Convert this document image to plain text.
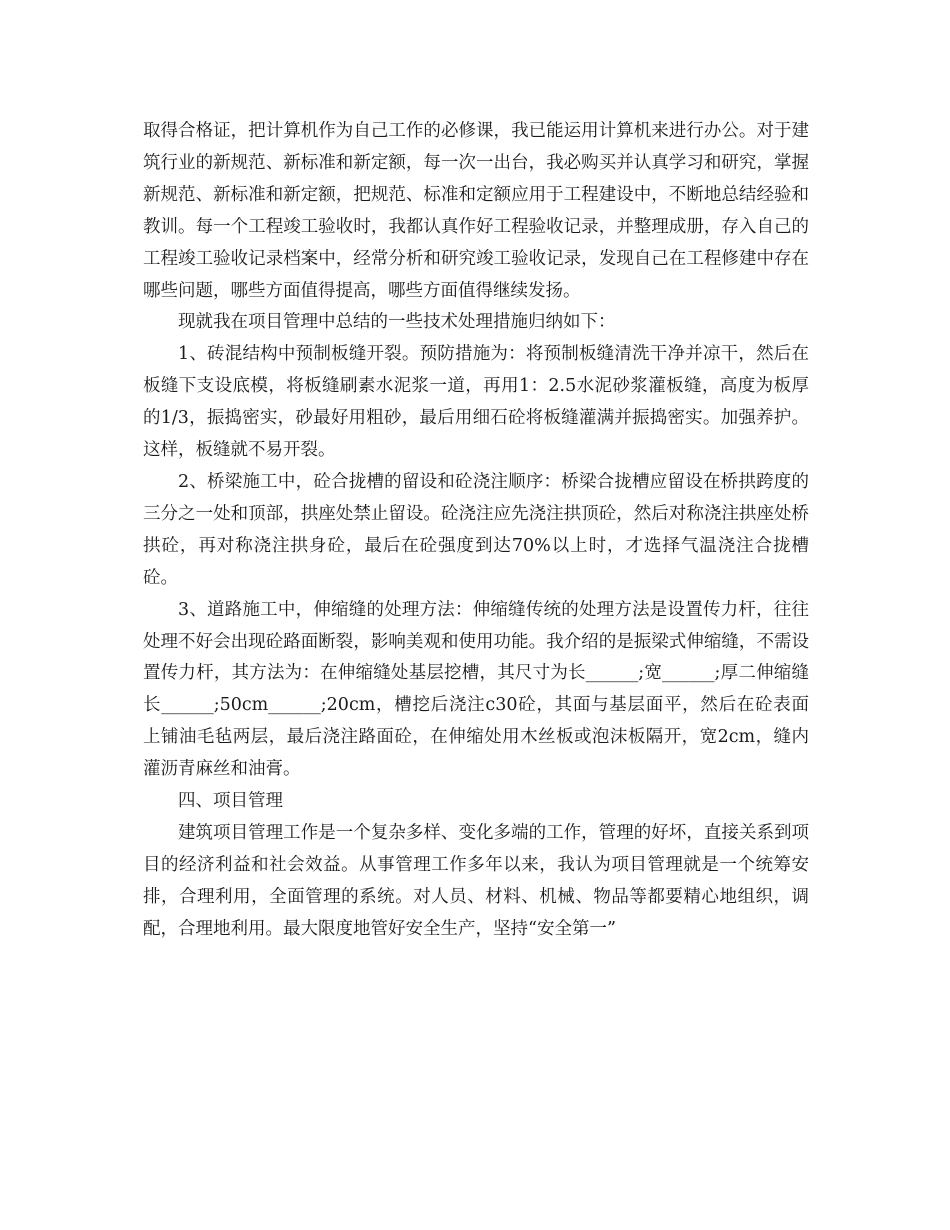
取得合格证，把计算机作为自己工作的必修课，我已能运用计算机来进行办公。对于建筑行业的新规范、新标准和新定额，每一次一出台，我必购买并认真学习和研究，掌握新规范、新标准和新定额，把规范、标准和定额应用于工程建设中，不断地总结经验和教训。每一个工程竣工验收时，我都认真作好工程验收记录，并整理成册，存入自己的工程竣工验收记录档案中，经常分析和研究竣工验收记录，发现自己在工程修建中存在哪些问题，哪些方面值得提高，哪些方面值得继续发扬。

现就我在项目管理中总结的一些技术处理措施归纳如下：

1、砖混结构中预制板缝开裂。预防措施为：将预制板缝清洗干净并凉干，然后在板缝下支设底模，将板缝刷素水泥浆一道，再用1：2.5水泥砂浆灌板缝，高度为板厚的1/3，振捣密实，砂最好用粗砂，最后用细石砼将板缝灌满并振捣密实。加强养护。这样，板缝就不易开裂。

2、桥梁施工中，砼合拢槽的留设和砼浇注顺序：桥梁合拢槽应留设在桥拱跨度的三分之一处和顶部，拱座处禁止留设。砼浇注应先浇注拱顶砼，然后对称浇注拱座处桥拱砼，再对称浇注拱身砼，最后在砼强度到达70%以上时，才选择气温浇注合拢槽砼。

3、道路施工中，伸缩缝的处理方法：伸缩缝传统的处理方法是设置传力杆，往往处理不好会出现砼路面断裂，影响美观和使用功能。我介绍的是振梁式伸缩缝，不需设置传力杆，其方法为：在伸缩缝处基层挖槽，其尺寸为长______;宽______;厚二伸缩缝长______;50cm______;20cm，槽挖后浇注c30砼，其面与基层面平，然后在砼表面上铺油毛毡两层，最后浇注路面砼，在伸缩处用木丝板或泡沫板隔开，宽2cm，缝内灌沥青麻丝和油膏。

四、项目管理

建筑项目管理工作是一个复杂多样、变化多端的工作，管理的好坏，直接关系到项目的经济利益和社会效益。从事管理工作多年以来，我认为项目管理就是一个统筹安排，合理利用，全面管理的系统。对人员、材料、机械、物品等都要精心地组织，调配，合理地利用。最大限度地管好安全生产，坚持“安全第一”
